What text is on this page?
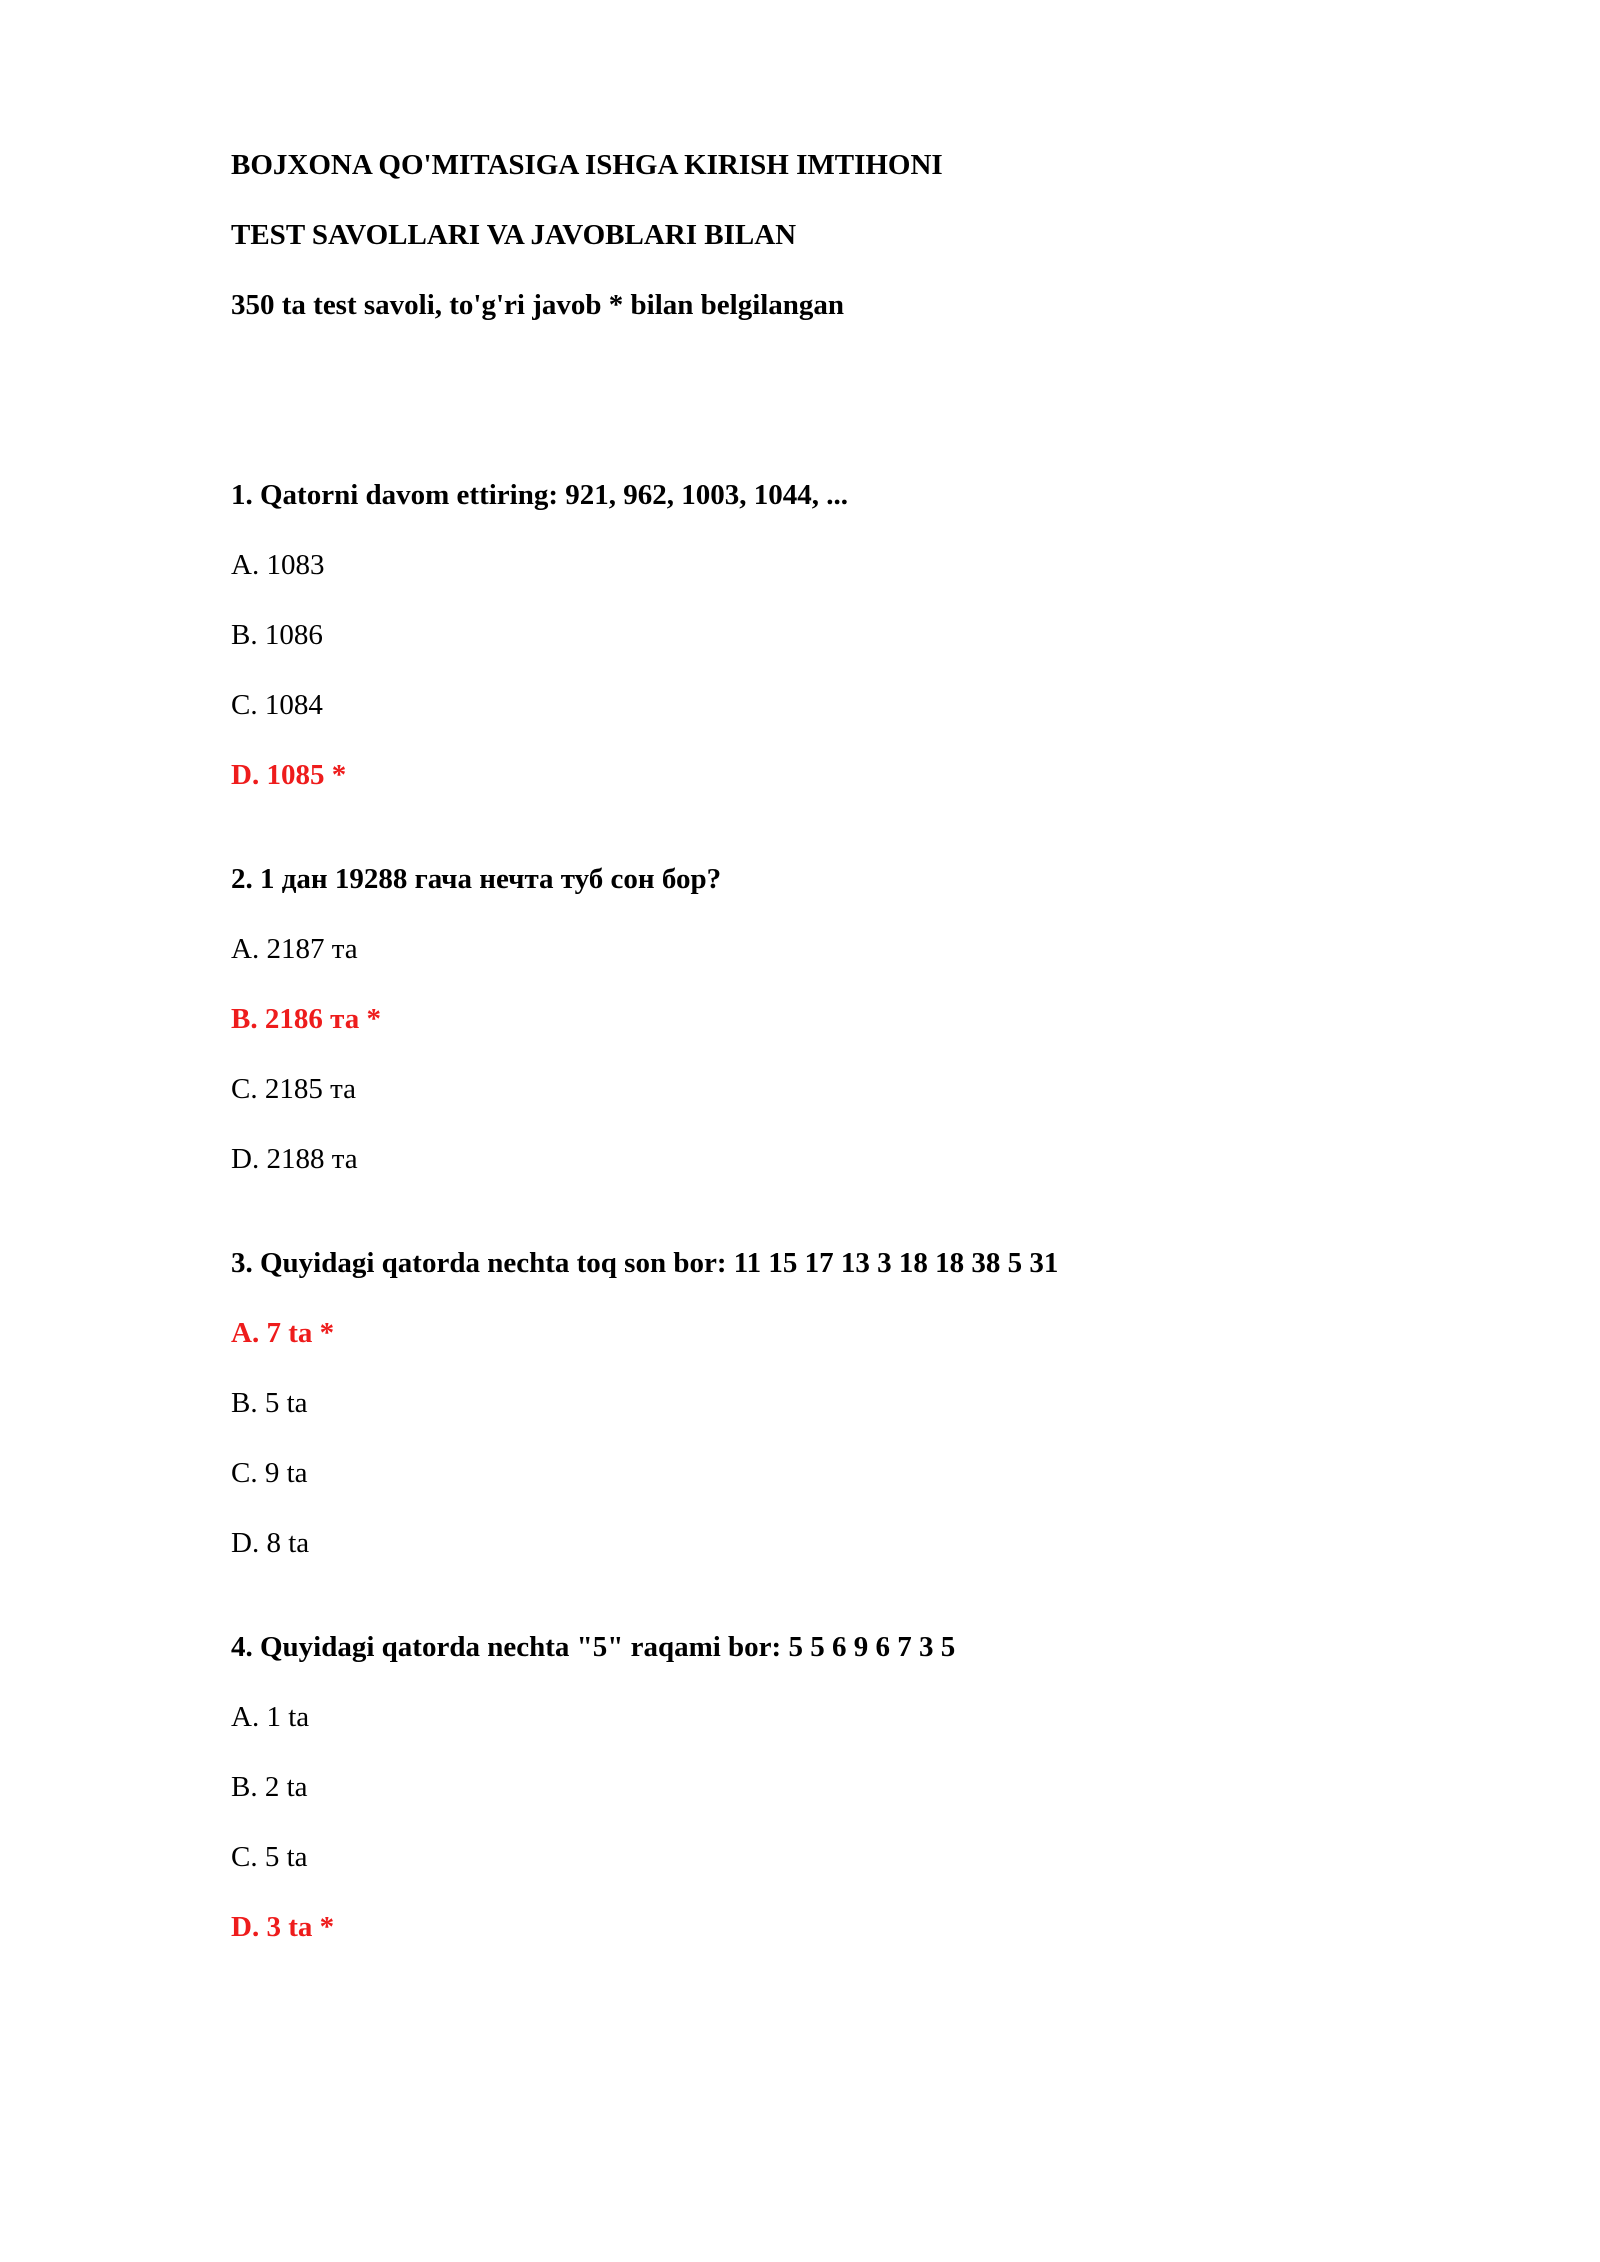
BOJXONA QO'MITASIGA ISHGA KIRISH IMTIHONI
TEST SAVOLLARI VA JAVOBLARI BILAN
350 ta test savoli, to'g'ri javob * bilan belgilangan
1. Qatorni davom ettiring: 921, 962, 1003, 1044, ...
A. 1083
B. 1086
C. 1084
D. 1085 *
2. 1 дан 19288 гача нечта туб сон бор?
A. 2187 та
B. 2186 та *
C. 2185 та
D. 2188 та
3. Quyidagi qatorda nechta toq son bor: 11 15 17 13 3 18 18 38 5 31
A. 7 ta *
B. 5 ta
C. 9 ta
D. 8 ta
4. Quyidagi qatorda nechta "5" raqami bor: 5 5 6 9 6 7 3 5
A. 1 ta
B. 2 ta
C. 5 ta
D. 3 ta *
